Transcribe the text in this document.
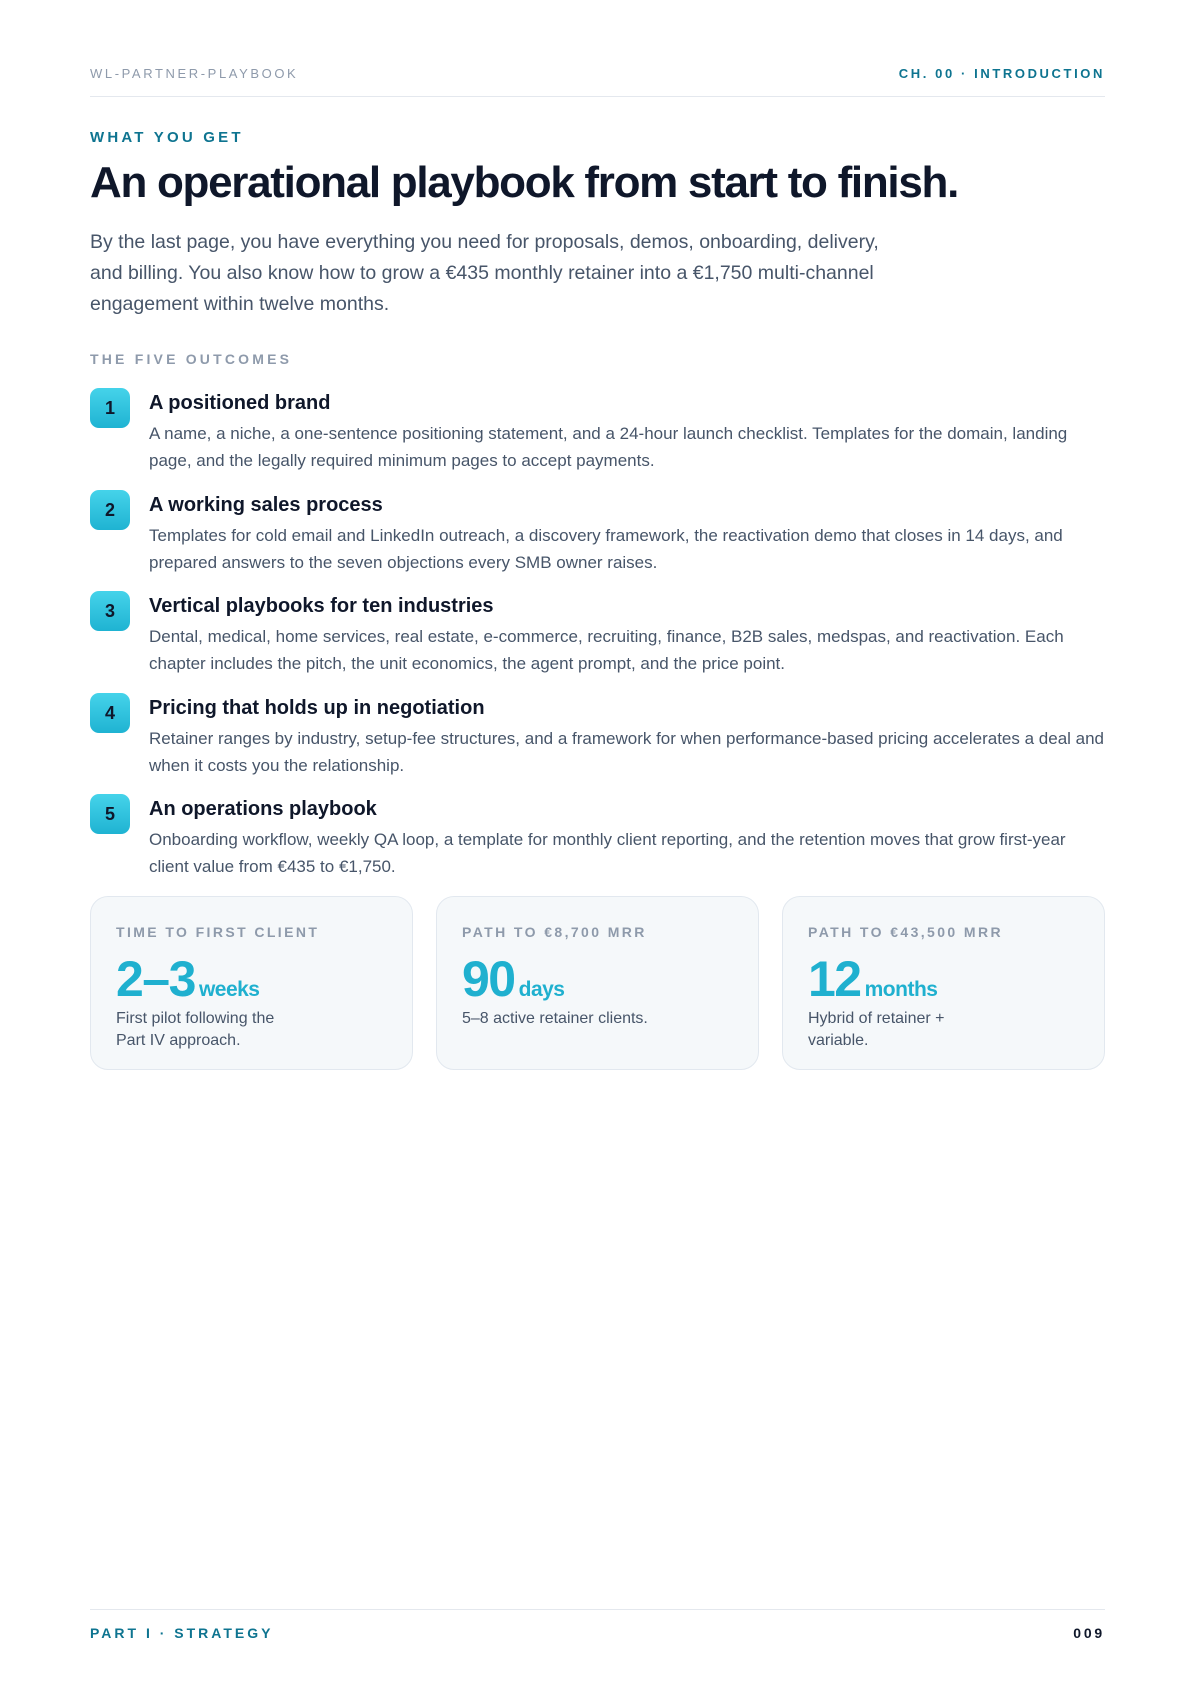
WL-PARTNER-PLAYBOOK	CH. 00 · INTRODUCTION
WHAT YOU GET
An operational playbook from start to finish.

By the last page, you have everything you need for proposals, demos, onboarding, delivery, and billing. You also know how to grow a €435 monthly retainer into a €1,750 multi-channel engagement within twelve months.

THE FIVE OUTCOMES
1	A positioned brand

A name, a niche, a one-sentence positioning statement, and a 24-hour launch checklist. Templates for the domain, landing page, and the legally required minimum pages to accept payments.

2	A working sales process

Templates for cold email and LinkedIn outreach, a discovery framework, the reactivation demo that closes in 14 days, and prepared answers to the seven objections every SMB owner raises.

3	Vertical playbooks for ten industries

Dental, medical, home services, real estate, e-commerce, recruiting, finance, B2B sales, medspas, and reactivation. Each chapter includes the pitch, the unit economics, the agent prompt, and the price point.

4	Pricing that holds up in negotiation

Retainer ranges by industry, setup-fee structures, and a framework for when performance-based pricing accelerates a deal and when it costs you the relationship.

5	An operations playbook

Onboarding workflow, weekly QA loop, a template for monthly client reporting, and the retention moves that grow first-year client value from €435 to €1,750.

TIME TO FIRST CLIENT
2–3 weeks

First pilot following the Part IV approach.

PATH TO €8,700 MRR
90 days

5–8 active retainer clients.

PATH TO €43,500 MRR
12 months

Hybrid of retainer + variable.

PART I · STRATEGY	009
